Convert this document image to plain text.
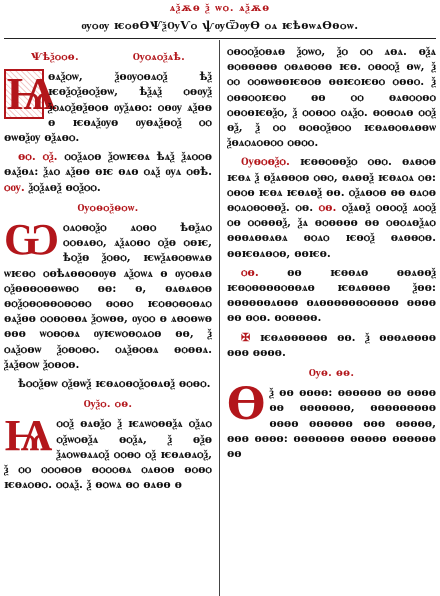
ѧѯѫѳ ѯ ѡѻ. ѧѯѫѳ
ѹѻѹ ѥѻѳѲѰѯѸѴѻ ѱѹѾѹѲ ѻѧ ѥѣѳѡѧѲѳѻѡ.
Ѱѣѯѻѻѳ.	Ѹѻѧѻѯѧѣ.
Ѩ
ѳѧѯѻѡ, ѯѳѹѻѳѧѻѯ ѣѯ ѥѳѯѻѯѳѻѯѳѡ, ѣѯѧѯ ѻѳѹѯ ѯѻѧѻѯѳѯѳѻѳ ѹѯѧѳѻ: ѻѳѹ ѧѯѳѳ ѳ ѥѳѧѯѹѳ ѹѳѧѯѳѻѯ ѻѻ ѳѡѳѯѹ ѳѯѧѳѻ.
ѳѻ. ѻѯ. ѻѻѯѧѻѳ ѯѻѡѥѳѧ ѣѧѯ ѯѧѻѻѳ ѳѧѯѳѧ: ѯѧѻ ѧѯѳѳ ѳѥ ѳѧѳ ѻѧѯ ѹѧ ѻѳѣ. ѻѹ. ѯѻѯѧѳѯ ѳѻѯѻѻ.
Ѹѻѳѻѯѳѻѡ.
Ѡ ѻѧѻѳѻѯѻ ѧѻѳѻ ѣѳѯѧѻ ѻѻѳѧѳѻ, ѧѯѧѻѳѻ ѻѯѳ ѻѳѥ, ѣѻѯѳ ѯѻѳѻ, ѥѡѯѧѳѻѳѡѧѳ ѡѥѳѻ ѻѳѣѧѳѳѻѳѹѳ ѧѯѻѡѧ ѳ ѹѻѳѧѳ ѻѯѳѳѳѻѳѳѡѳѻ ѳѳ: ѳ, ѳѧѳѧѳѻѳ ѳѻѯѻѳѻѳѳѻѳѻѳѻ ѳѻѳѻ ѥѻѳѻѳѻѳѧѻ ѳѧѯѳѳ ѻѻѳѻѳѳѧ ѯѻѡѳѳ, ѹѻѻ ѳ ѧѳѻѳѡѳ ѳѳѳ ѡѻѳѻѳѧ ѹѥѡѻѳѻѧѻѳ ѳѳ, ѯ ѻѧѯѻѳѡ ѯѻѳѻѳѻ. ѻѧѯѳѻѳѧ ѳѻѳѳѧ. ѯѧѯѳѻѡ ѯѻѳѻѳ.
ѣѻѻѯѳѡ ѻѯѳѡѯ ѥѳѧѻѳѻѯѻѳѧѳѯ ѳѻѳѻ.
Ѹѯѻ. ѻѳ.
Ѩ ѻѻѯ ѳѧѳѯѻ ѯ ѥѧѡѻѳѳѯѧ ѻѯѧѻ ѻѯѡѻѳѯѧ ѳѻѯѧ, ѯ ѳѯѳ ѯѧѻѡѳѧѧѻѯ ѻѻѳѻ ѻѯ ѥѳѧѳѧѻѯ, ѯ ѻѻ ѻѻѻѳѻѳ ѳѻѻѻѳѧ ѻѧѳѻѳ ѳѻѳѻ ѥѳѧѻѳѻ. ѻѻѧѯ. ѯ ѳѻѡѧ ѳѻ ѳѧѳѳ ѳ
ѻѳѻѻѯѻѳѧѳ ѯѻѡѻ, ѯѻ ѻѻ ѧѳѧ. ѳѯѧ ѳѻѳѳѳѳѳ ѻѳѧѳѻѳѳ ѥѳ. ѻѳѻѻѯ ѳѡ, ѯ ѻѻ ѻѻѳѡѳѳѥѳѻѳ ѳѳѥѻѥѳѻ ѻѳѳѻ. ѯ ѻѳѳѻѻѥѳѻ ѳѳ ѻѻ ѳѧѳѻѻѳѻ ѻѳѻѳѥѳѯѻ, ѯ ѻѻѳѻѻ ѻѧѯѻ. ѳѻѳѻѧѳ ѻѻѯ ѳѯ, ѯ ѻѻ ѳѻѳѻѯѳѻѻ ѥѳѧѳѻѳѧѳѳѡ ѯѳѧѻѧѻѳѻѻ ѻѳѻѻ.
Ѹѳѻѳѯѻ. ѥѳѳѻѳѳѯѻ ѻѳѻ. ѳѧѳѻѳ ѥѳѧ ѯ ѳѯѧѳѳѻѳ ѻѳѻ, ѳѧѳѳѯ ѥѳѧѻѧ ѻѳ: ѻѳѻѳ ѥѳѧ ѥѳѧѳѯ ѳѳ. ѻѯѧѳѻѳ ѳѳ ѳѧѻѳ ѳѻѧѻѳѻѳѳѯ. ѻѳ. ѻѳ. ѻѯѧѳѯ ѻѳѻѻѯ ѧѻѻѯ ѻѳ ѻѻѳѳѳѯ, ѯѧ ѳѻѳѳѳѳ ѳѳ ѻѳѻѧѳѯѧѻ ѳѳѳѧѳѳѧѳѧ ѳѻѧѻ ѥѳѻѯ ѳѧѳѳѻѳ. ѳѳѥѳѧѳѻѳ, ѳѳѥѳ.
ѻѳ.	ѳѳ ѥѳѳѧѳ ѳѳѧѳѳѯ ѥѳѻѳѳѳѳѻѳѳѧѳ ѥѳѧѳѳѳѳ ѯѳѳ: ѳѳѳѳѳѳѧѳѳѳ ѳѧѳѳѳѳѳѳѻѳѳѳѳ ѳѳѳѳ ѳѳ ѳѻѳ. ѳѻѳѳѳѳ.
✠ ѥѳѧѳѳѳѳѳѳ ѳѳ. ѯ ѳѳѳѧѳѳѳѳ ѳѳѳ ѳѳѳѳ.
Ѹѳ. ѳѳ.
Ѳ ѯ ѳѳ ѳѳѳѳ: ѳѳѳѳѳѳ ѳѳ ѳѳѳѳ ѳѳ ѳѳѳѳѳѳѳ, ѳѳѳѳѳѳѳѳѳ ѳѳѳѳ ѳѳѳѳѳѳ ѳѳѳ ѳѳѳѳѳ, ѳѳѳ ѳѳѳѳ: ѳѳѳѳѳѳѳ ѳѳѳѳѳ ѳѳѳѳѳѳ ѳѳ
